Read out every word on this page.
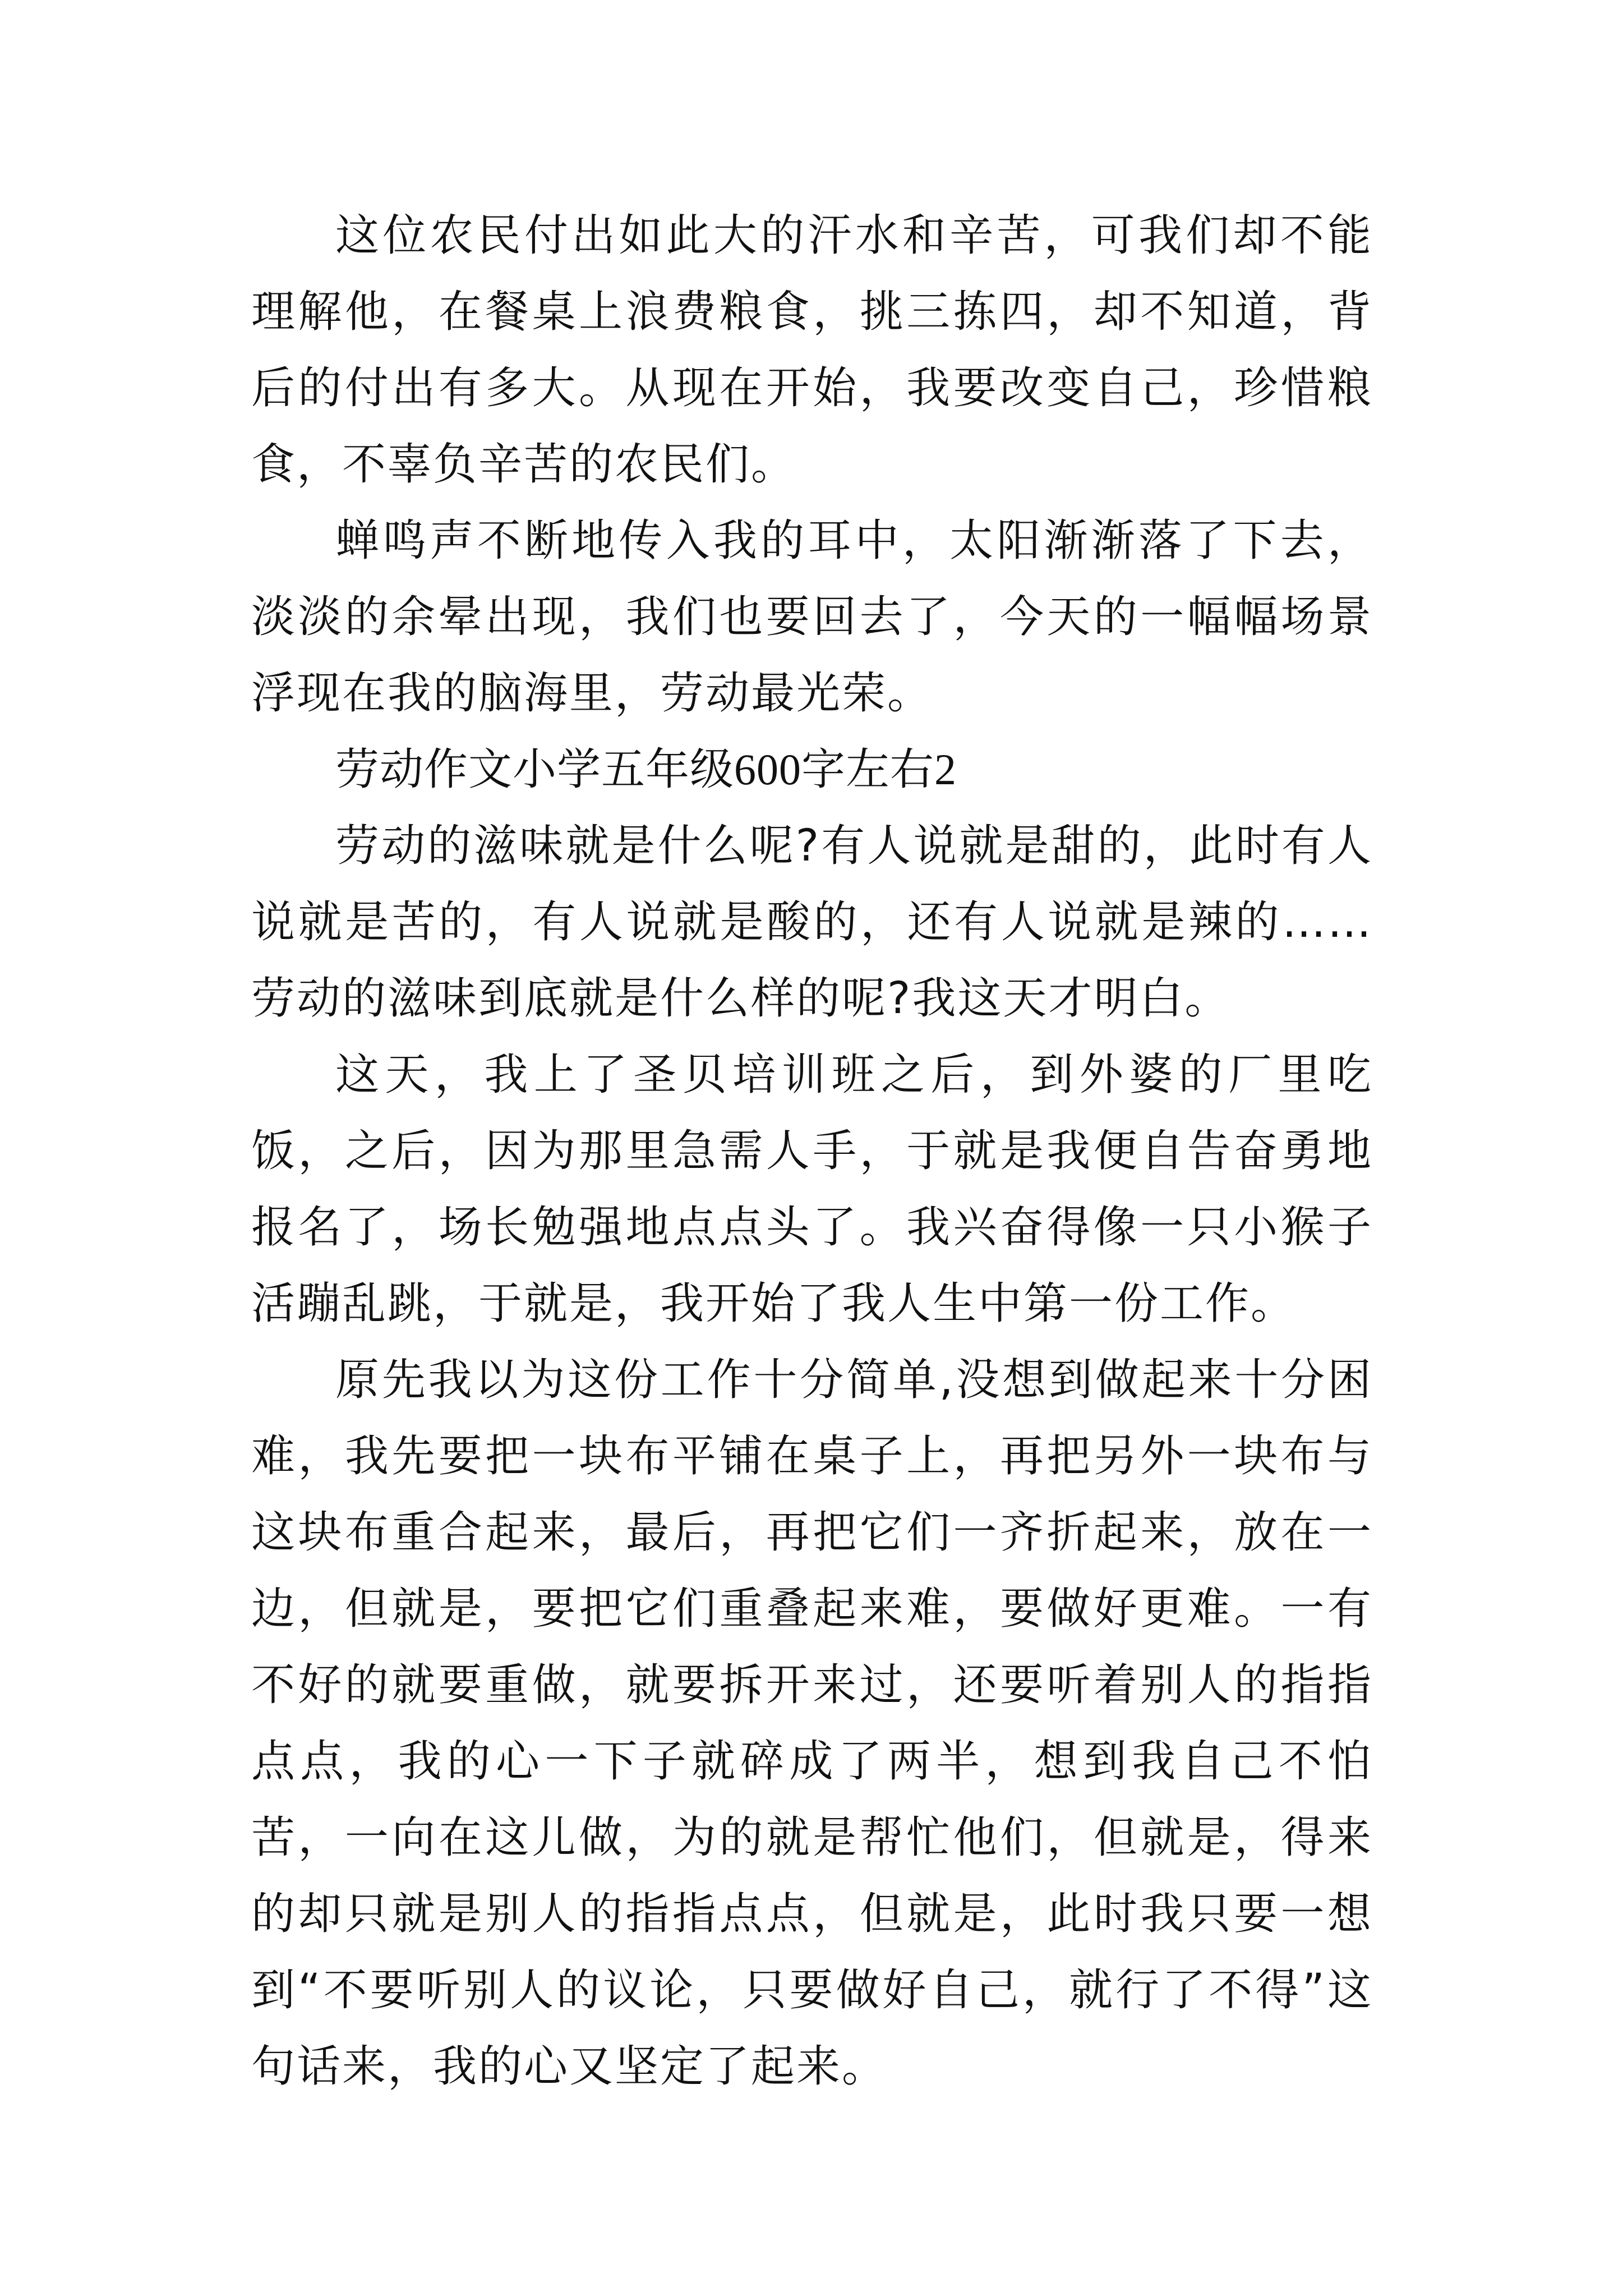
这位农民付出如此大的汗水和辛苦，可我们却不能理解他，在餐桌上浪费粮食，挑三拣四，却不知道，背后的付出有多大。从现在开始，我要改变自己，珍惜粮食，不辜负辛苦的农民们。

蝉鸣声不断地传入我的耳中，太阳渐渐落了下去，淡淡的余晕出现，我们也要回去了，今天的一幅幅场景浮现在我的脑海里，劳动最光荣。

劳动作文小学五年级600字左右2

劳动的滋味就是什么呢?有人说就是甜的，此时有人说就是苦的，有人说就是酸的，还有人说就是辣的……劳动的滋味到底就是什么样的呢?我这天才明白。

这天，我上了圣贝培训班之后，到外婆的厂里吃饭，之后，因为那里急需人手，于就是我便自告奋勇地报名了，场长勉强地点点头了。我兴奋得像一只小猴子活蹦乱跳，于就是，我开始了我人生中第一份工作。

原先我以为这份工作十分简单,没想到做起来十分困难，我先要把一块布平铺在桌子上，再把另外一块布与这块布重合起来，最后，再把它们一齐折起来，放在一边，但就是，要把它们重叠起来难，要做好更难。一有不好的就要重做，就要拆开来过，还要听着别人的指指点点，我的心一下子就碎成了两半，想到我自己不怕苦，一向在这儿做，为的就是帮忙他们，但就是，得来的却只就是别人的指指点点，但就是，此时我只要一想到“不要听别人的议论，只要做好自己，就行了不得”这句话来，我的心又坚定了起来。
